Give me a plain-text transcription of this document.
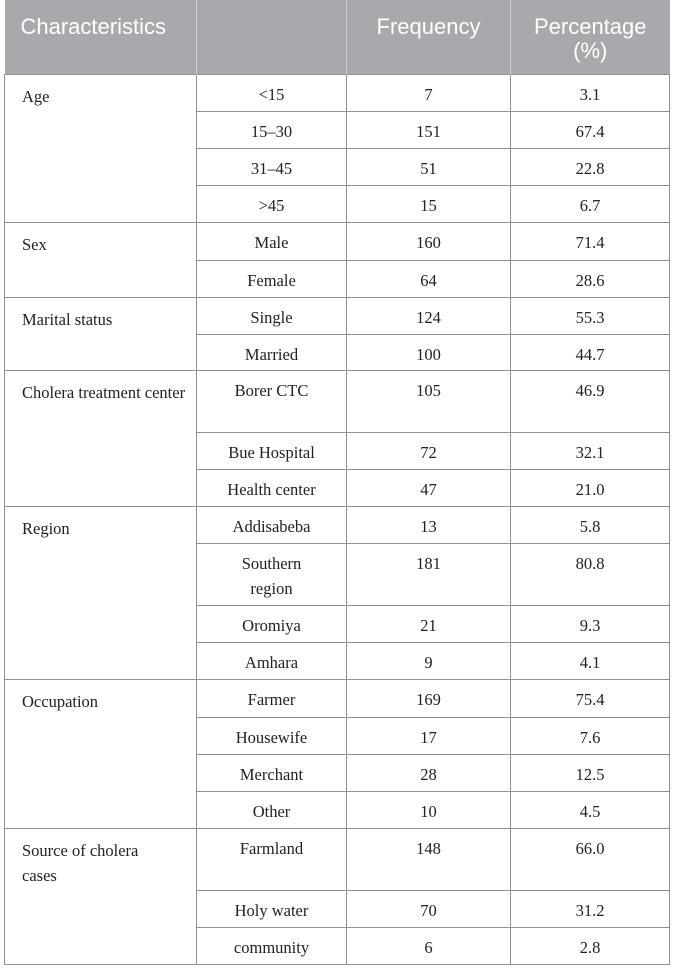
Characteristics		Frequency	Percentage (%)

Age	<15	7	3.1
	15–30	151	67.4
	31–45	51	22.8
	>45	15	6.7
Sex	Male	160	71.4
	Female	64	28.6
Marital status	Single	124	55.3
	Married	100	44.7
Cholera treatment center	Borer CTC	105	46.9
	Bue Hospital	72	32.1
	Health center	47	21.0
Region	Addisabeba	13	5.8
	Southern region	181	80.8
	Oromiya	21	9.3
	Amhara	9	4.1
Occupation	Farmer	169	75.4
	Housewife	17	7.6
	Merchant	28	12.5
	Other	10	4.5
Source of cholera cases	Farmland	148	66.0
	Holy water	70	31.2
	community	6	2.8
